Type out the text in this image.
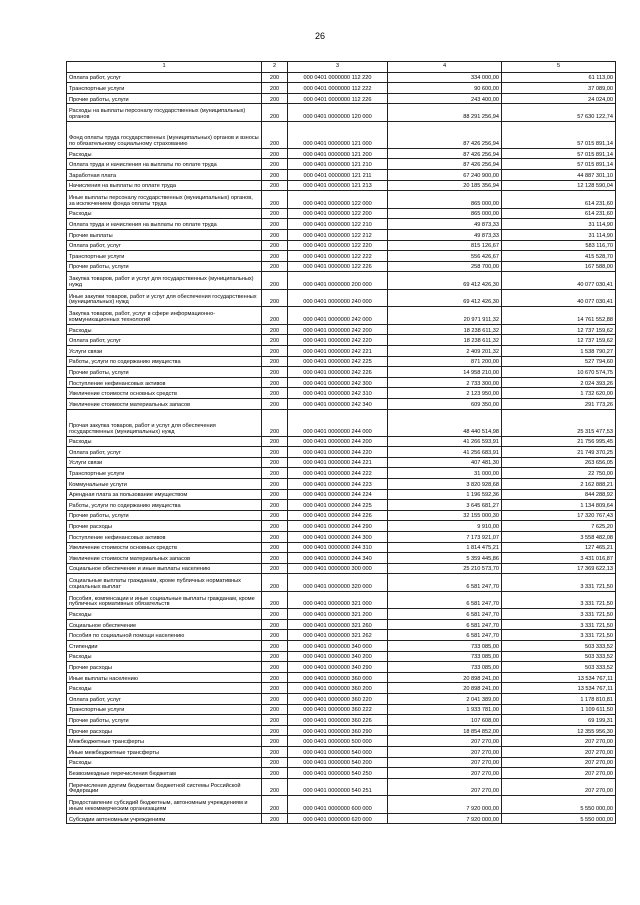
26
1	2	3	4	5
Оплата работ, услуг	200	000 0401 0000000 112 220	334 000,00	61 113,00
Транспортные услуги	200	000 0401 0000000 112 222	90 600,00	37 089,00
Прочие работы, услуги	200	000 0401 0000000 112 226	243 400,00	24 024,00
Расходы на выплаты персоналу государственных (муниципальных) органов	200	000 0401 0000000 120 000	88 291 256,94	57 630 122,74
Фонд оплаты труда государственных (муниципальных) органов и взносы по обязательному социальному страхованию	200	000 0401 0000000 121 000	87 426 256,94	57 015 891,14
Расходы	200	000 0401 0000000 121 200	87 426 256,94	57 015 891,14
Оплата труда и начисления на выплаты по оплате труда	200	000 0401 0000000 121 210	87 426 256,94	57 015 891,14
Заработная плата	200	000 0401 0000000 121 211	67 240 900,00	44 887 301,10
Начисления на выплаты по оплате труда	200	000 0401 0000000 121 213	20 185 356,94	12 128 590,04
Иные выплаты персоналу государственных (муниципальных) органов, за исключением фонда оплаты труда	200	000 0401 0000000 122 000	865 000,00	614 231,60
Расходы	200	000 0401 0000000 122 200	865 000,00	614 231,60
Оплата труда и начисления на выплаты по оплате труда	200	000 0401 0000000 122 210	49 873,33	31 114,90
Прочие выплаты	200	000 0401 0000000 122 212	49 873,33	31 114,90
Оплата работ, услуг	200	000 0401 0000000 122 220	815 126,67	583 116,70
Транспортные услуги	200	000 0401 0000000 122 222	556 426,67	415 528,70
Прочие работы, услуги	200	000 0401 0000000 122 226	258 700,00	167 588,00
Закупка товаров, работ и услуг для государственных (муниципальных) нужд	200	000 0401 0000000 200 000	69 412 426,30	40 077 030,41
Иные закупки товаров, работ и услуг для обеспечения государственных (муниципальных) нужд	200	000 0401 0000000 240 000	69 412 426,30	40 077 030,41
Закупка товаров, работ, услуг в сфере информационно-коммуникационных технологий	200	000 0401 0000000 242 000	20 971 911,32	14 761 552,88
Расходы	200	000 0401 0000000 242 200	18 238 611,32	12 737 159,62
Оплата работ, услуг	200	000 0401 0000000 242 220	18 238 611,32	12 737 159,62
Услуги связи	200	000 0401 0000000 242 221	2 409 201,32	1 538 790,27
Работы, услуги по содержанию имущества	200	000 0401 0000000 242 225	871 200,00	527 794,60
Прочие работы, услуги	200	000 0401 0000000 242 226	14 958 210,00	10 670 574,75
Поступление нефинансовых активов	200	000 0401 0000000 242 300	2 733 300,00	2 024 393,26
Увеличение стоимости основных средств	200	000 0401 0000000 242 310	2 123 950,00	1 732 620,00
Увеличение стоимости материальных запасов	200	000 0401 0000000 242 340	609 350,00	291 773,26
Прочая закупка товаров, работ и услуг для обеспечения государственных (муниципальных) нужд	200	000 0401 0000000 244 000	48 440 514,98	25 315 477,53
Расходы	200	000 0401 0000000 244 200	41 266 593,91	21 756 995,45
Оплата работ, услуг	200	000 0401 0000000 244 220	41 256 683,91	21 749 370,25
Услуги связи	200	000 0401 0000000 244 221	407 481,30	263 656,05
Транспортные услуги	200	000 0401 0000000 244 222	31 000,00	22 750,00
Коммунальные услуги	200	000 0401 0000000 244 223	3 820 928,68	2 162 888,21
Арендная плата за пользование имуществом	200	000 0401 0000000 244 224	1 196 592,36	844 288,92
Работы, услуги по содержанию имущества	200	000 0401 0000000 244 225	3 645 681,27	1 134 809,64
Прочие работы, услуги	200	000 0401 0000000 244 226	32 155 000,30	17 320 767,43
Прочие расходы	200	000 0401 0000000 244 290	9 910,00	7 625,20
Поступление нефинансовых активов	200	000 0401 0000000 244 300	7 173 921,07	3 558 482,08
Увеличение стоимости основных средств	200	000 0401 0000000 244 310	1 814 475,21	127 465,21
Увеличение стоимости материальных запасов	200	000 0401 0000000 244 340	5 359 445,86	3 431 016,87
Социальное обеспечение и иные выплаты населению	200	000 0401 0000000 300 000	25 210 573,70	17 369 622,13
Социальные выплаты гражданам, кроме публичных нормативных социальных выплат	200	000 0401 0000000 320 000	6 581 247,70	3 331 721,50
Пособия, компенсации и иные социальные выплаты гражданам, кроме публичных нормативных обязательств	200	000 0401 0000000 321 000	6 581 247,70	3 331 721,50
Расходы	200	000 0401 0000000 321 200	6 581 247,70	3 331 721,50
Социальное обеспечение	200	000 0401 0000000 321 260	6 581 247,70	3 331 721,50
Пособия по социальной помощи населению	200	000 0401 0000000 321 262	6 581 247,70	3 331 721,50
Стипендии	200	000 0401 0000000 340 000	733 085,00	503 333,52
Расходы	200	000 0401 0000000 340 200	733 085,00	503 333,52
Прочие расходы	200	000 0401 0000000 340 290	733 085,00	503 333,52
Иные выплаты населению	200	000 0401 0000000 360 000	20 898 241,00	13 534 767,11
Расходы	200	000 0401 0000000 360 200	20 898 241,00	13 534 767,11
Оплата работ, услуг	200	000 0401 0000000 360 220	2 041 389,00	1 178 810,81
Транспортные услуги	200	000 0401 0000000 360 222	1 933 781,00	1 109 611,50
Прочие работы, услуги	200	000 0401 0000000 360 226	107 608,00	69 199,31
Прочие расходы	200	000 0401 0000000 360 290	18 854 852,00	12 355 956,30
Межбюджетные трансферты	200	000 0401 0000000 500 000	207 270,00	207 270,00
Иные межбюджетные трансферты	200	000 0401 0000000 540 000	207 270,00	207 270,00
Расходы	200	000 0401 0000000 540 200	207 270,00	207 270,00
Безвозмездные перечисления бюджетам	200	000 0401 0000000 540 250	207 270,00	207 270,00
Перечисления другим бюджетам бюджетной системы Российской Федерации	200	000 0401 0000000 540 251	207 270,00	207 270,00
Предоставление субсидий бюджетным, автономным учреждениям и иным некоммерческим организациям	200	000 0401 0000000 600 000	7 920 000,00	5 550 000,00
Субсидии автономным учреждениям	200	000 0401 0000000 620 000	7 920 000,00	5 550 000,00
